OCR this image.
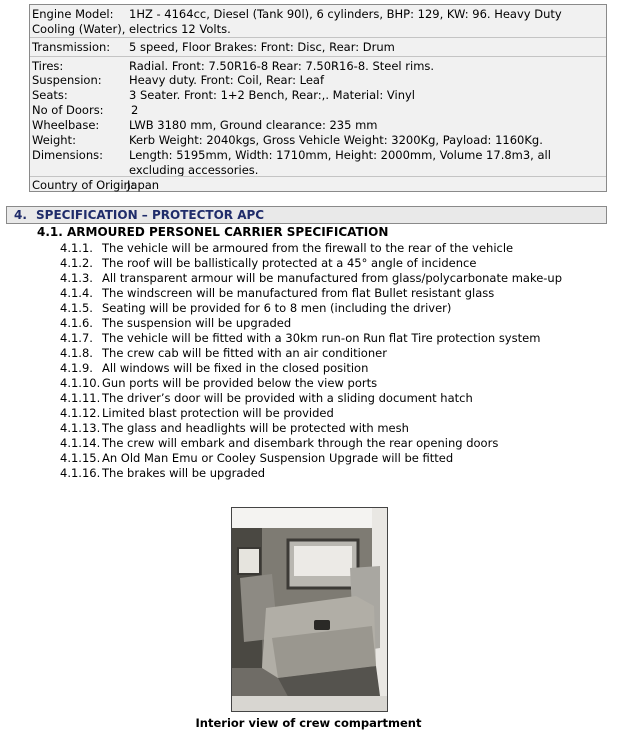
Engine Model:	1HZ - 4164cc, Diesel (Tank 90l), 6 cylinders, BHP: 129, KW: 96. Heavy Duty Cooling (Water), electrics 12 Volts.
Transmission: 5 speed, Floor Brakes: Front: Disc, Rear: Drum
Tires:	Radial. Front: 7.50R16-8 Rear: 7.50R16-8. Steel rims.
Suspension: Heavy duty. Front: Coil, Rear: Leaf
Seats:	3 Seater. Front: 1+2 Bench, Rear:,. Material: Vinyl
No of Doors: 2
Wheelbase:	LWB 3180 mm, Ground clearance: 235 mm
Weight:	Kerb Weight: 2040kgs, Gross Vehicle Weight: 3200Kg, Payload: 1160Kg.
Dimensions: Length: 5195mm, Width: 1710mm, Height: 2000mm, Volume 17.8m3, all excluding accessories.
Country of Origin:
Japan
4. SPECIFICATION – PROTECTOR APC
4.1. ARMOURED PERSONEL CARRIER SPECIFICATION
4.1.1. The vehicle will be armoured from the firewall to the rear of the vehicle
4.1.2. The roof will be ballistically protected at a 45° angle of incidence
4.1.3. All transparent armour will be manufactured from glass/polycarbonate make-up
4.1.4. The windscreen will be manufactured from flat Bullet resistant glass
4.1.5. Seating will be provided for 6 to 8 men (including the driver)
4.1.6. The suspension will be upgraded
4.1.7. The vehicle will be fitted with a 30km run-on Run flat Tire protection system
4.1.8. The crew cab will be fitted with an air conditioner
4.1.9. All windows will be fixed in the closed position
4.1.10. Gun ports will be provided below the view ports
4.1.11. The driver’s door will be provided with a sliding document hatch
4.1.12. Limited blast protection will be provided
4.1.13. The glass and headlights will be protected with mesh
4.1.14. The crew will embark and disembark through the rear opening doors
4.1.15. An Old Man Emu or Cooley Suspension Upgrade will be fitted
4.1.16. The brakes will be upgraded
Interior view of crew compartment
